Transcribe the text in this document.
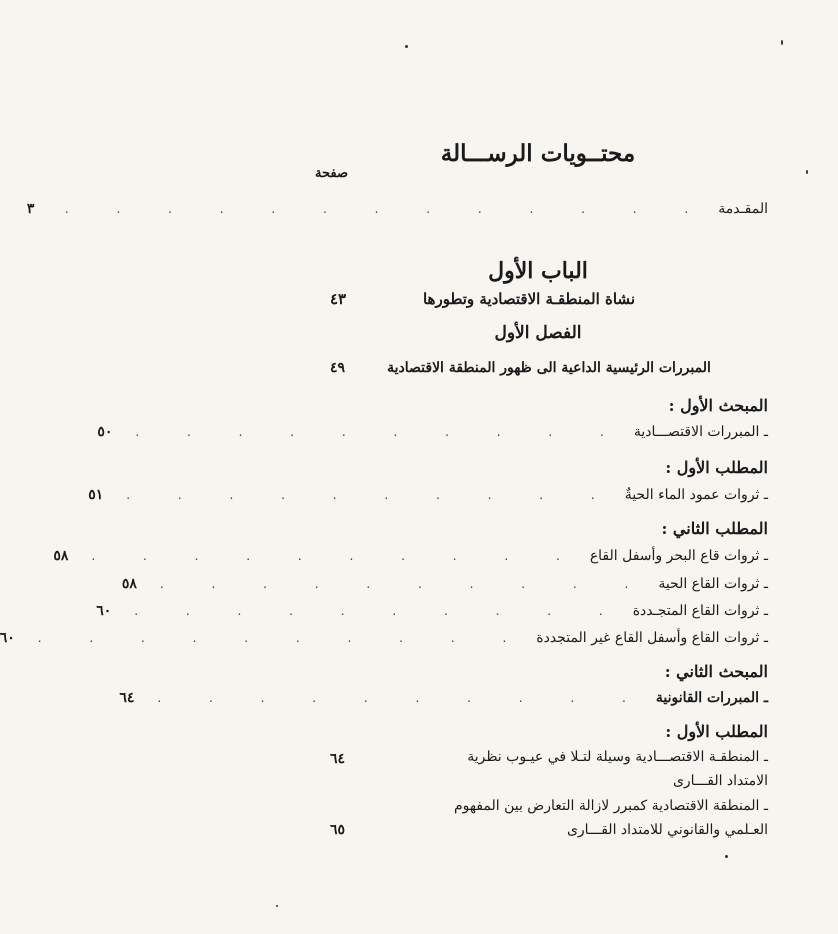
محتــويات الرســـالة
صفحة
المقـدمة
. . . . . . . . . . . . .
٣
الباب الأول
نشاة المنطقـة الاقتصادية وتطورها
٤٣
الفصل الأول
المبررات الرئيسية الداعية الى ظهور المنطقة الاقتصادية
٤٩
المبحث الأول :
ـ المبررات الاقتصـــادية
. . . . . . . . . .
٥٠
المطلب الأول :
ـ ثروات عمود الماء الحيةٌ
. . . . . . . . . .
٥١
المطلب الثاني :
ـ ثروات قاع البحر وأسفل القاع
. . . . . . . . . .
٥٨
ـ ثروات القاع الحية
. . . . . . . . . .
٥٨
ـ ثروات القاع المتجـددة
. . . . . . . . . .
٦٠
ـ ثروات القاع وأسفل القاع غير المتجددة
. . . . . . . . . .
٦٠
المبحث الثاني :
ـ المبررات القانونية
. . . . . . . . . .
٦٤
المطلب الأول :
ـ المنطقـة الاقتصـــادية وسيلة لتـلا في عيـوب نظرية
الامتداد القـــارى
٦٤
ـ المنطقة الاقتصادية كمبرر لازالة التعارض بين المفهوم
العـلمي والقانوني للامتداد القـــارى
٦٥
